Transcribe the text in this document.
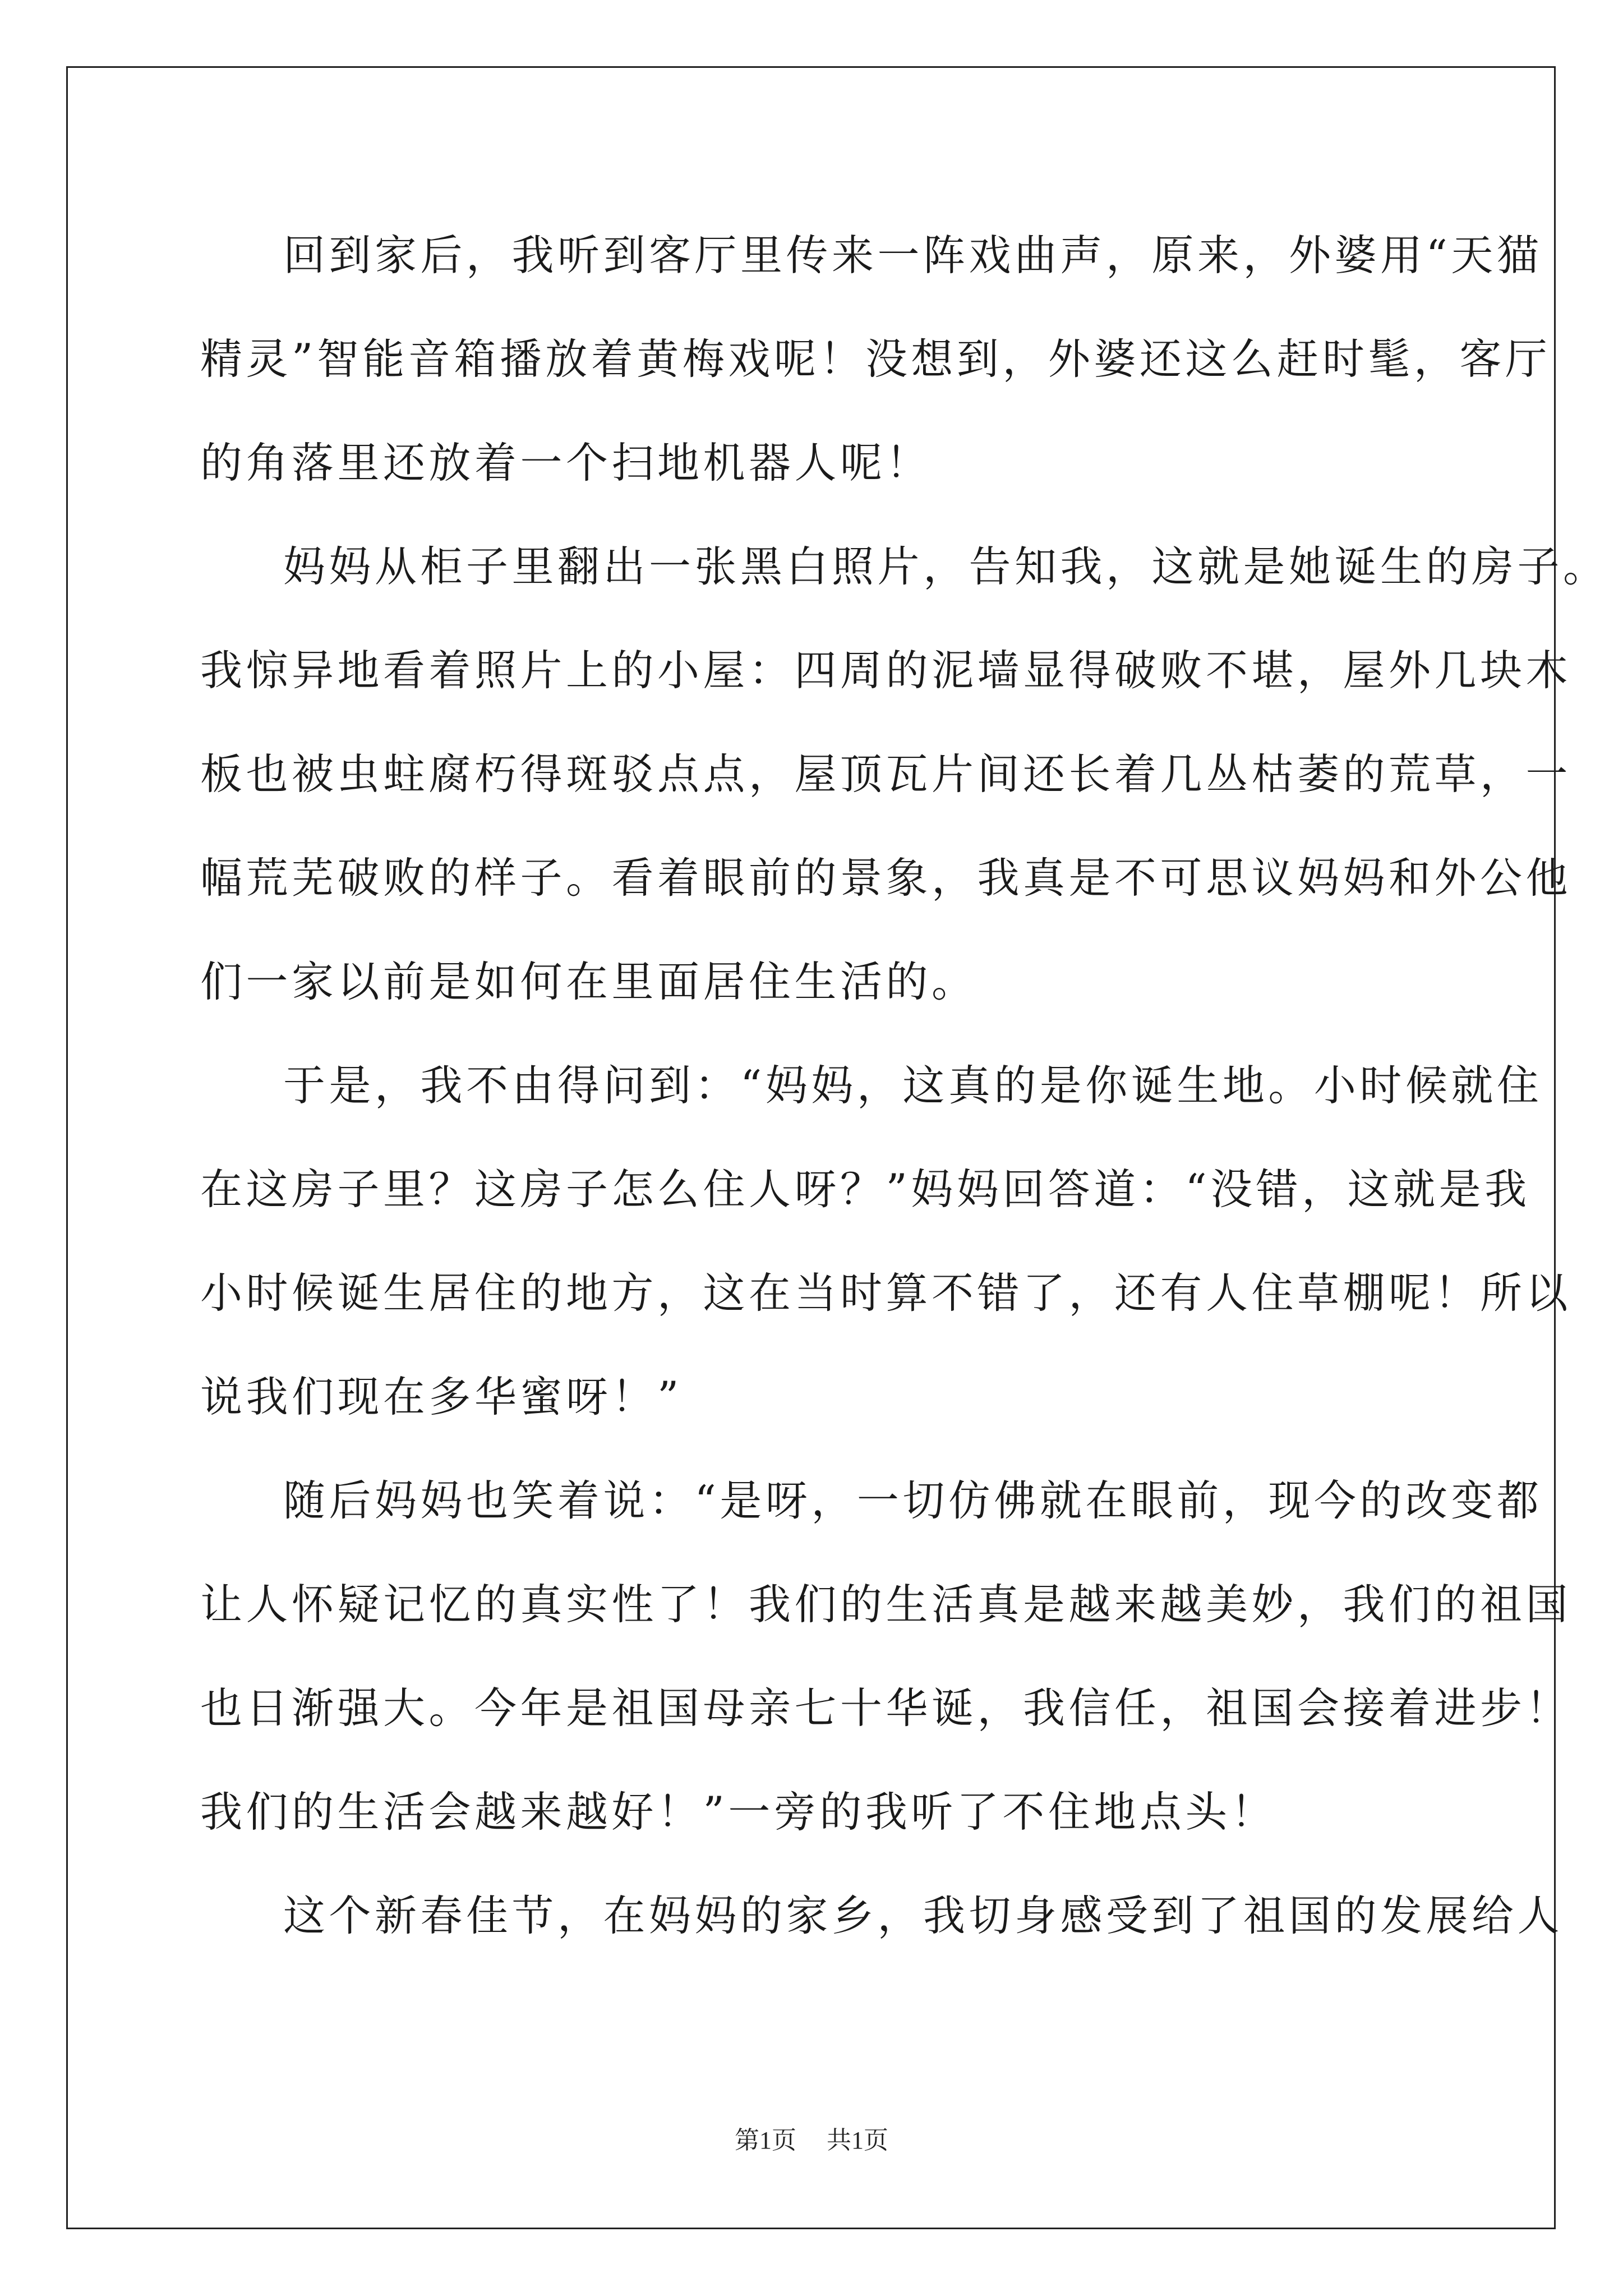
回到家后，我听到客厅里传来一阵戏曲声，原来，外婆用“天猫
精灵”智能音箱播放着黄梅戏呢！没想到，外婆还这么赶时髦，客厅
的角落里还放着一个扫地机器人呢！
妈妈从柜子里翻出一张黑白照片，告知我，这就是她诞生的房子。
我惊异地看着照片上的小屋：四周的泥墙显得破败不堪，屋外几块木
板也被虫蛀腐朽得斑驳点点，屋顶瓦片间还长着几丛枯萎的荒草，一
幅荒芜破败的样子。看着眼前的景象，我真是不可思议妈妈和外公他
们一家以前是如何在里面居住生活的。
于是，我不由得问到：“妈妈，这真的是你诞生地。小时候就住
在这房子里？这房子怎么住人呀？”妈妈回答道：“没错，这就是我
小时候诞生居住的地方，这在当时算不错了，还有人住草棚呢！所以
说我们现在多华蜜呀！”
随后妈妈也笑着说：“是呀，一切仿佛就在眼前，现今的改变都
让人怀疑记忆的真实性了！我们的生活真是越来越美妙，我们的祖国
也日渐强大。今年是祖国母亲七十华诞，我信任，祖国会接着进步！
我们的生活会越来越好！”一旁的我听了不住地点头！
这个新春佳节，在妈妈的家乡，我切身感受到了祖国的发展给人
第1页 共1页
